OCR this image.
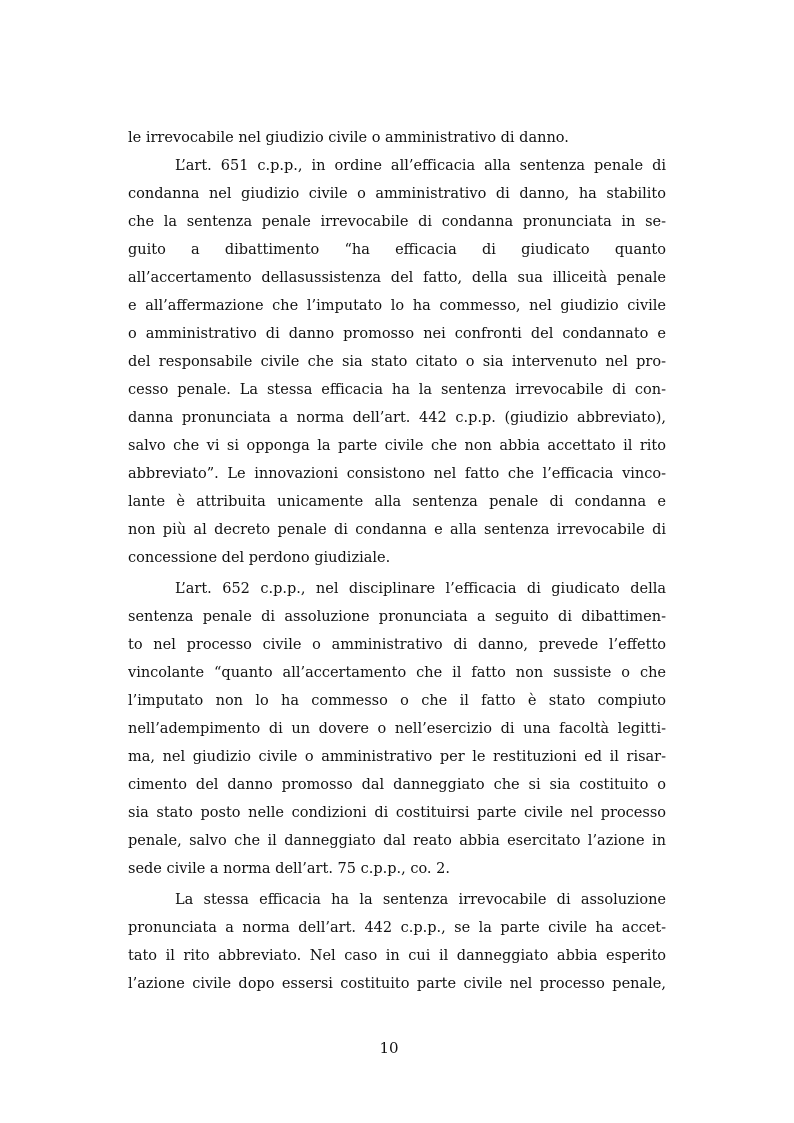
le irrevocabile nel giudizio civile o amministrativo di danno.
L’art. 651 c.p.p., in ordine all’efficacia alla sentenza penale di
condanna nel giudizio civile o amministrativo di danno, ha stabilito
che la sentenza penale irrevocabile di condanna pronunciata in se-
guito a dibattimento “ha efficacia di giudicato quanto
all’accertamento dellasussistenza del fatto, della sua illiceità penale
e all’affermazione che l’imputato lo ha commesso, nel giudizio civile
o amministrativo di danno promosso nei confronti del condannato e
del responsabile civile che sia stato citato o sia intervenuto nel pro-
cesso penale. La stessa efficacia ha la sentenza irrevocabile di con-
danna pronunciata a norma dell’art. 442 c.p.p. (giudizio abbreviato),
salvo che vi si opponga la parte civile che non abbia accettato il rito
abbreviato”. Le innovazioni consistono nel fatto che l’efficacia vinco-
lante è attribuita unicamente alla sentenza penale di condanna e
non più al decreto penale di condanna e alla sentenza irrevocabile di
concessione del perdono giudiziale.
L’art. 652 c.p.p., nel disciplinare l’efficacia di giudicato della
sentenza penale di assoluzione pronunciata a seguito di dibattimen-
to nel processo civile o amministrativo di danno, prevede l’effetto
vincolante “quanto all’accertamento che il fatto non sussiste o che
l’imputato non lo ha commesso o che il fatto è stato compiuto
nell’adempimento di un dovere o nell’esercizio di una facoltà legitti-
ma, nel giudizio civile o amministrativo per le restituzioni ed il risar-
cimento del danno promosso dal danneggiato che si sia costituito o
sia stato posto nelle condizioni di costituirsi parte civile nel processo
penale, salvo che il danneggiato dal reato abbia esercitato l’azione in
sede civile a norma dell’art. 75 c.p.p., co. 2.
La stessa efficacia ha la sentenza irrevocabile di assoluzione
pronunciata a norma dell’art. 442 c.p.p., se la parte civile ha accet-
tato il rito abbreviato. Nel caso in cui il danneggiato abbia esperito
l’azione civile dopo essersi costituito parte civile nel processo penale,
10
